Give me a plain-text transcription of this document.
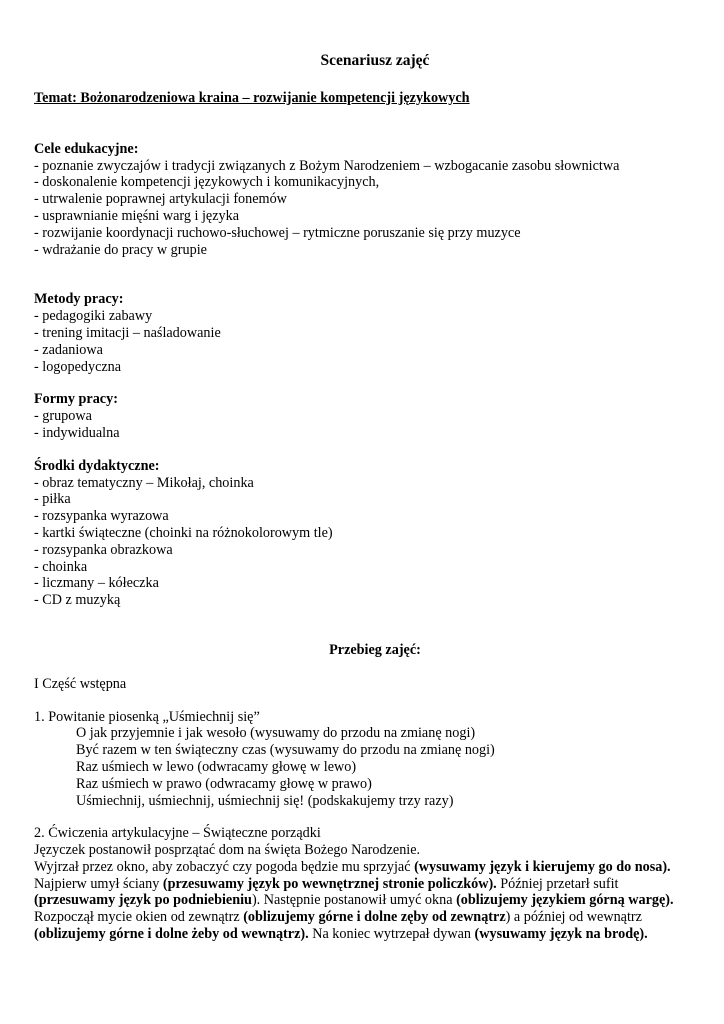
Scenariusz zajęć
Temat: Bożonarodzeniowa kraina – rozwijanie kompetencji językowych
Cele edukacyjne:
- poznanie zwyczajów i tradycji związanych z Bożym Narodzeniem – wzbogacanie zasobu słownictwa
- doskonalenie kompetencji językowych i komunikacyjnych,
- utrwalenie poprawnej artykulacji fonemów
- usprawnianie mięśni warg i języka
- rozwijanie koordynacji ruchowo-słuchowej – rytmiczne poruszanie się przy muzyce
- wdrażanie do pracy w grupie
Metody pracy:
- pedagogiki zabawy
- trening imitacji – naśladowanie
- zadaniowa
- logopedyczna
Formy pracy:
- grupowa
- indywidualna
Środki dydaktyczne:
- obraz tematyczny – Mikołaj, choinka
- piłka
- rozsypanka wyrazowa
- kartki świąteczne (choinki na różnokolorowym tle)
- rozsypanka obrazkowa
- choinka
- liczmany – kółeczka
- CD z muzyką
Przebieg zajęć:
I Część wstępna
1. Powitanie piosenką „Uśmiechnij się”
O jak przyjemnie i jak wesoło (wysuwamy do przodu na zmianę nogi)
Być razem w ten świąteczny czas (wysuwamy do przodu na zmianę nogi)
Raz uśmiech w lewo (odwracamy głowę w lewo)
Raz uśmiech w prawo (odwracamy głowę w prawo)
Uśmiechnij, uśmiechnij, uśmiechnij się! (podskakujemy trzy razy)
2. Ćwiczenia artykulacyjne – Świąteczne porządki
Języczek postanowił posprzątać dom na święta Bożego Narodzenie.
Wyjrzał przez okno, aby zobaczyć czy pogoda będzie mu sprzyjać (wysuwamy język i kierujemy go do nosa). Najpierw umył ściany (przesuwamy język po wewnętrznej stronie policzków). Później przetarł sufit (przesuwamy język po podniebieniu). Następnie postanowił umyć okna (oblizujemy językiem górną wargę). Rozpoczął mycie okien od zewnątrz (oblizujemy górne i dolne zęby od zewnątrz) a później od wewnątrz (oblizujemy górne i dolne żeby od wewnątrz). Na koniec wytrzepał dywan (wysuwamy język na brodę).
